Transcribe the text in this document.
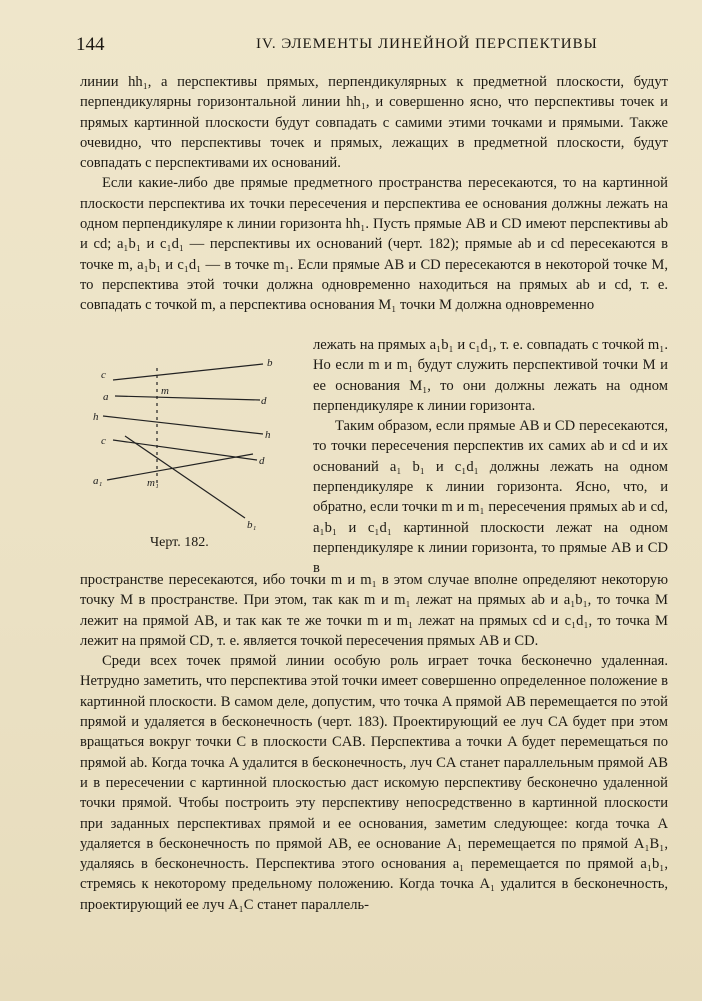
144	IV. ЭЛЕМЕНТЫ ЛИНЕЙНОЙ ПЕРСПЕКТИВЫ

линии hh₁, а перспективы прямых, перпендикулярных к предметной плоскости, будут перпендикулярны горизонтальной линии hh₁, и совершенно ясно, что перспективы точек и прямых картинной плоскости будут совпадать с самими этими точками и прямыми. Также очевидно, что перспективы точек и прямых, лежащих в предметной плоскости, будут совпадать с перспективами их оснований.

Если какие-либо две прямые предметного пространства пересекаются, то на картинной плоскости перспектива их точки пересечения и перспектива ее основания должны лежать на одном перпендикуляре к линии горизонта hh₁. Пусть прямые AB и CD имеют перспективы ab и cd; a₁b₁ и c₁d₁ — перспективы их оснований (черт. 182); прямые ab и cd пересекаются в точке m, a₁b₁ и c₁d₁ — в точке m₁. Если прямые AB и CD пересекаются в некоторой точке M, то перспектива этой точки должна одновременно находиться на прямых ab и cd, т. е. совпадать с точкой m, а перспектива основания M₁ точки M должна одновременно

c
b
a	d
h
h
c
d
m
m₁
a₁
b₁
Черт. 182.

лежать на прямых a₁b₁ и c₁d₁, т. е. совпадать с точкой m₁. Но если m и m₁ будут служить перспективой точки M и ее основания M₁, то они должны лежать на одном перпендикуляре к линии горизонта.

Таким образом, если прямые AB и CD пересекаются, то точки пересечения перспектив их самих ab и cd и их оснований a₁ b₁ и c₁d₁ должны лежать на одном перпендикуляре к линии горизонта. Ясно, что, и обратно, если точки m и m₁ пересечения прямых ab и cd, a₁b₁ и c₁d₁ картинной плоскости лежат на одном перпендикуляре к линии горизонта, то прямые AB и CD в

пространстве пересекаются, ибо точки m и m₁ в этом случае вполне определяют некоторую точку M в пространстве. При этом, так как m и m₁ лежат на прямых ab и a₁b₁, то точка M лежит на прямой AB, и так как те же точки m и m₁ лежат на прямых cd и c₁d₁, то точка M лежит на прямой CD, т. е. является точкой пересечения прямых AB и CD.

Среди всех точек прямой линии особую роль играет точка бесконечно удаленная. Нетрудно заметить, что перспектива этой точки имеет совершенно определенное положение в картинной плоскости. В самом деле, допустим, что точка A прямой AB перемещается по этой прямой и удаляется в бесконечность (черт. 183). Проектирующий ее луч CA будет при этом вращаться вокруг точки C в плоскости CAB. Перспектива a точки A будет перемещаться по прямой ab. Когда точка A удалится в бесконечность, луч CA станет параллельным прямой AB и в пересечении с картинной плоскостью даст искомую перспективу бесконечно удаленной точки прямой. Чтобы построить эту перспективу непосредственно в картинной плоскости при заданных перспективах прямой и ее основания, заметим следующее: когда точка A удаляется в бесконечность по прямой AB, ее основание A₁ перемещается по прямой A₁B₁, удаляясь в бесконечность. Перспектива этого основания a₁ перемещается по прямой a₁b₁, стремясь к некоторому предельному положению. Когда точка A₁ удалится в бесконечность, проектирующий ее луч A₁C станет параллель-
